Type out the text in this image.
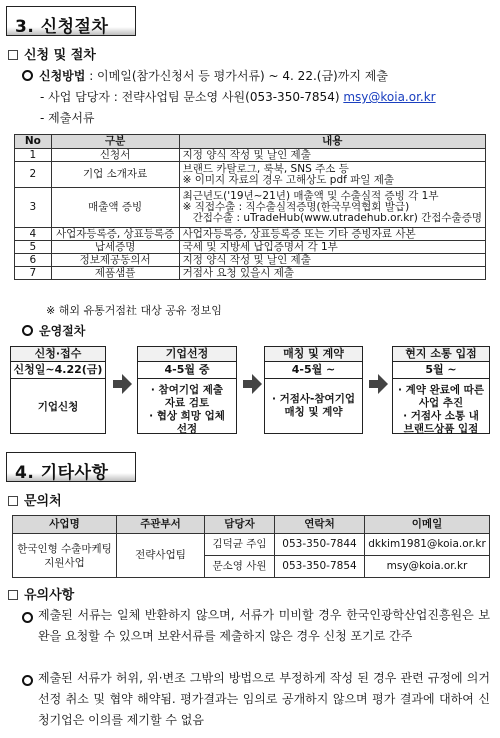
3. 신청절차
신청 및 절차
신청방법 : 이메일(참가신청서 등 평가서류) ~ 4. 22.(금)까지 제출
- 사업 담당자 : 전략사업팀 문소영 사원(053-350-7854) msy@koia.or.kr
- 제출서류
No	구분	내용
1	신청서	지정 양식 작성 및 날인 제출
2	기업 소개자료	브랜드 카탈로그, 룩북, SNS 주소 등
※ 이미지 자료의 경우 고해상도 pdf 파일 제출

3	매출액 증빙	최근년도('19년~21년) 매출액 및 수출실적 증빙 각 1부
※ 직접수출 : 직수출실적증명(한국무역협회 발급)
간접수출 : uTradeHub(www.utradehub.or.kr) 간접수출증명

4	사업자등록증, 상표등록증	사업자등록증, 상표등록증 또는 기타 증빙자료 사본
5	납세증명	국세 및 지방세 납입증명서 각 1부
6	정보제공동의서	지정 양식 작성 및 날인 제출
7	제품샘플	거점사 요청 있을시 제출
※ 해외 유통거점社 대상 공유 정보임
운영절차
신청·접수
신청일~4.22(금)
기업신청
기업선정
4-5월 중
· 참여기업 제출
자료 검토
· 협상 희망 업체
선정
매칭 및 계약
4-5월 ~
· 거점사-참여기업
매칭 및 계약
현지 소통 입점
5월 ~
· 계약 완료에 따른
사업 추진
· 거점사 소통 내
브랜드상품 입점
4. 기타사항
문의처
사업명	주관부서	담당자	연락처	이메일

한국인형 수출마케팅
지원사업	전략사업팀	김덕균 주임	053-350-7844	dkkim1981@koia.or.kr
		문소영 사원	053-350-7854	msy@koia.or.kr
유의사항
제출된 서류는 일체 반환하지 않으며, 서류가 미비할 경우 한국인광학산업진흥원은 보완을 요청할 수 있으며 보완서류를 제출하지 않은 경우 신청 포기로 간주
제출된 서류가 허위, 위·변조 그밖의 방법으로 부정하게 작성 된 경우 관련 규정에 의거 선정 취소 및 협약 해약됨. 평가결과는 임의로 공개하지 않으며 평가 결과에 대하여 신청기업은 이의를 제기할 수 없음
